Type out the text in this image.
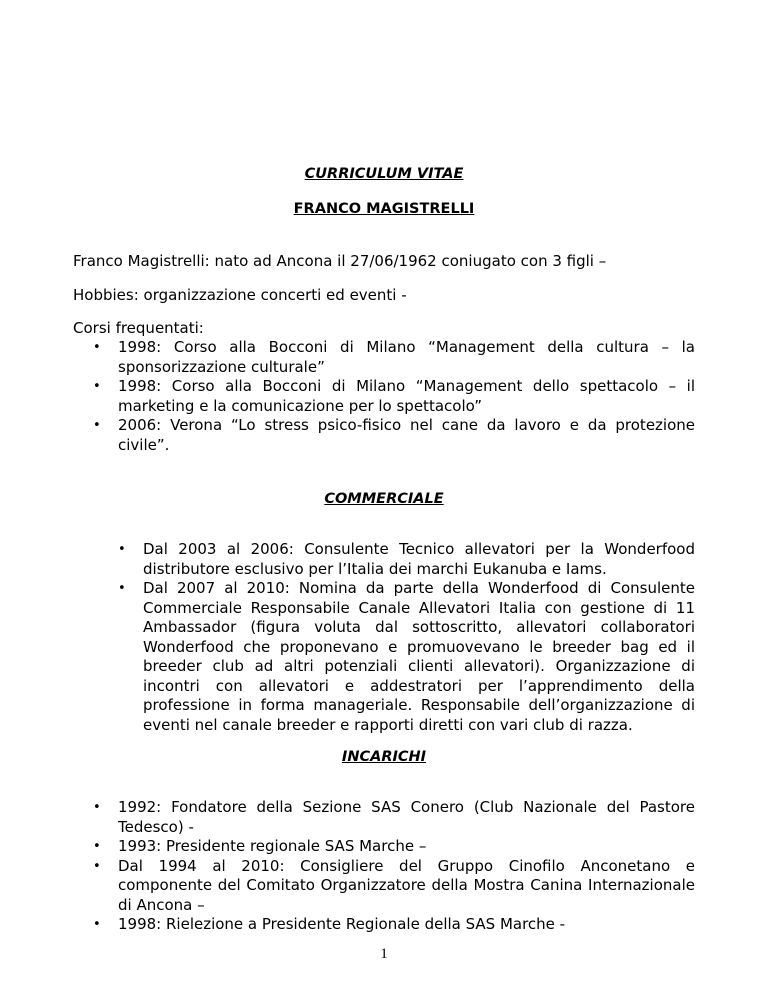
CURRICULUM VITAE
FRANCO MAGISTRELLI
Franco Magistrelli: nato ad Ancona il 27/06/1962 coniugato con 3 figli –
Hobbies: organizzazione concerti ed eventi -
Corsi frequentati:
• 1998: Corso alla Bocconi di Milano “Management della cultura – la sponsorizzazione culturale”
• 1998: Corso alla Bocconi di Milano “Management dello spettacolo – il marketing e la comunicazione per lo spettacolo”
• 2006: Verona “Lo stress psico-fisico nel cane da lavoro e da protezione civile”.
COMMERCIALE
• Dal 2003 al 2006: Consulente Tecnico allevatori per la Wonderfood distributore esclusivo per l’Italia dei marchi Eukanuba e Iams.
• Dal 2007 al 2010: Nomina da parte della Wonderfood di Consulente Commerciale Responsabile Canale Allevatori Italia con gestione di 11 Ambassador (figura voluta dal sottoscritto, allevatori collaboratori Wonderfood che proponevano e promuovevano le breeder bag ed il breeder club ad altri potenziali clienti allevatori). Organizzazione di incontri con allevatori e addestratori per l’apprendimento della professione in forma manageriale. Responsabile dell’organizzazione di eventi nel canale breeder e rapporti diretti con vari club di razza.
INCARICHI
• 1992: Fondatore della Sezione SAS Conero (Club Nazionale del Pastore Tedesco) -
• 1993: Presidente regionale SAS Marche –
• Dal 1994 al 2010: Consigliere del Gruppo Cinofilo Anconetano e componente del Comitato Organizzatore della Mostra Canina Internazionale di Ancona –
• 1998: Rielezione a Presidente Regionale della SAS Marche -
1
